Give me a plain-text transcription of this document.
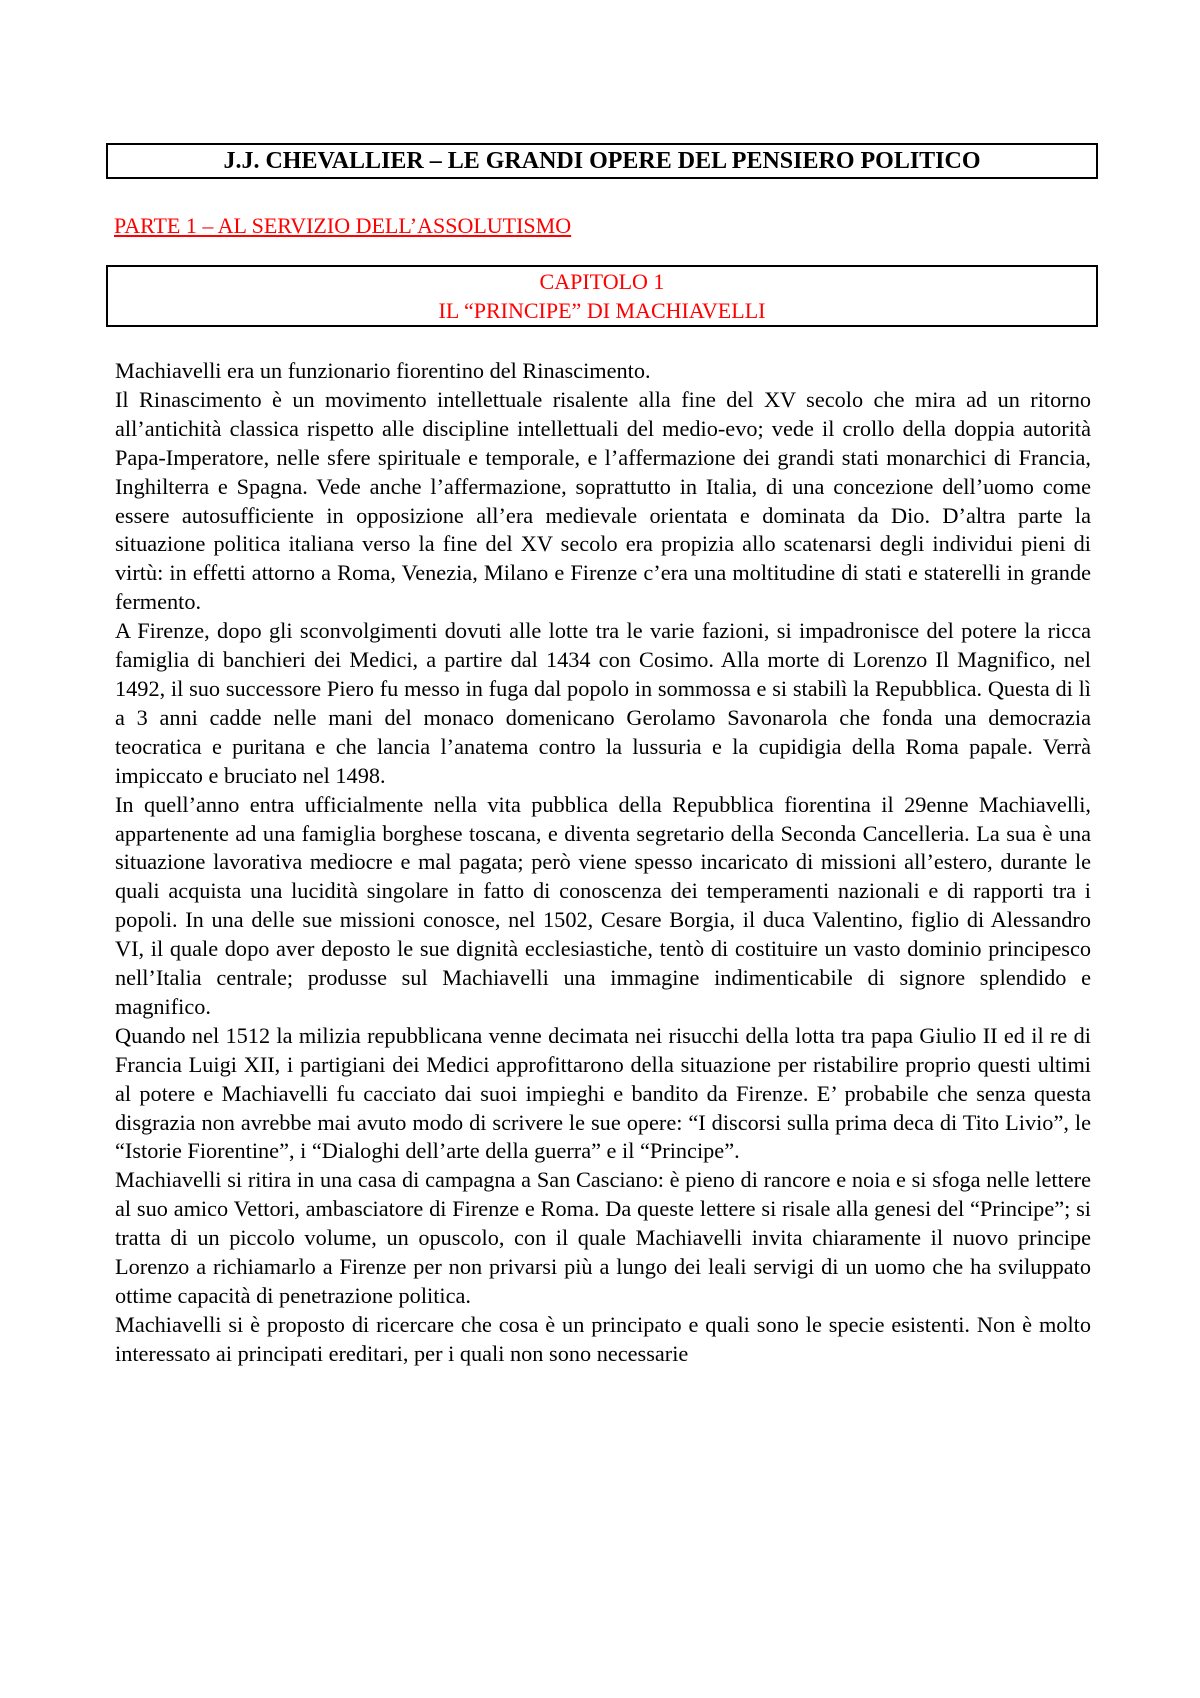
J.J. CHEVALLIER – LE GRANDI OPERE DEL PENSIERO POLITICO
PARTE 1 – AL SERVIZIO DELL’ASSOLUTISMO
CAPITOLO 1
IL “PRINCIPE” DI MACHIAVELLI

Machiavelli era un funzionario fiorentino del Rinascimento.

Il Rinascimento è un movimento intellettuale risalente alla fine del XV secolo che mira ad un ritorno all’antichità classica rispetto alle discipline intellettuali del medio-evo; vede il crollo della doppia autorità Papa-Imperatore, nelle sfere spirituale e temporale, e l’affermazione dei grandi stati monarchici di Francia, Inghilterra e Spagna. Vede anche l’affermazione, soprattutto in Italia, di una concezione dell’uomo come essere autosufficiente in opposizione all’era medievale orientata e dominata da Dio. D’altra parte la situazione politica italiana verso la fine del XV secolo era propizia allo scatenarsi degli individui pieni di virtù: in effetti attorno a Roma, Venezia, Milano e Firenze c’era una moltitudine di stati e staterelli in grande fermento.

A Firenze, dopo gli sconvolgimenti dovuti alle lotte tra le varie fazioni, si impadronisce del potere la ricca famiglia di banchieri dei Medici, a partire dal 1434 con Cosimo. Alla morte di Lorenzo Il Magnifico, nel 1492, il suo successore Piero fu messo in fuga dal popolo in sommossa e si stabilì la Repubblica. Questa di lì a 3 anni cadde nelle mani del monaco domenicano Gerolamo Savonarola che fonda una democrazia teocratica e puritana e che lancia l’anatema contro la lussuria e la cupidigia della Roma papale. Verrà impiccato e bruciato nel 1498.

In quell’anno entra ufficialmente nella vita pubblica della Repubblica fiorentina il 29enne Machiavelli, appartenente ad una famiglia borghese toscana, e diventa segretario della Seconda Cancelleria. La sua è una situazione lavorativa mediocre e mal pagata; però viene spesso incaricato di missioni all’estero, durante le quali acquista una lucidità singolare in fatto di conoscenza dei temperamenti nazionali e di rapporti tra i popoli. In una delle sue missioni conosce, nel 1502, Cesare Borgia, il duca Valentino, figlio di Alessandro VI, il quale dopo aver deposto le sue dignità ecclesiastiche, tentò di costituire un vasto dominio principesco nell’Italia centrale; produsse sul Machiavelli una immagine indimenticabile di signore splendido e magnifico.

Quando nel 1512 la milizia repubblicana venne decimata nei risucchi della lotta tra papa Giulio II ed il re di Francia Luigi XII, i partigiani dei Medici approfittarono della situazione per ristabilire proprio questi ultimi al potere e Machiavelli fu cacciato dai suoi impieghi e bandito da Firenze. E’ probabile che senza questa disgrazia non avrebbe mai avuto modo di scrivere le sue opere: “I discorsi sulla prima deca di Tito Livio”, le “Istorie Fiorentine”, i “Dialoghi dell’arte della guerra” e il “Principe”.

Machiavelli si ritira in una casa di campagna a San Casciano: è pieno di rancore e noia e si sfoga nelle lettere al suo amico Vettori, ambasciatore di Firenze e Roma. Da queste lettere si risale alla genesi del “Principe”; si tratta di un piccolo volume, un opuscolo, con il quale Machiavelli invita chiaramente il nuovo principe Lorenzo a richiamarlo a Firenze per non privarsi più a lungo dei leali servigi di un uomo che ha sviluppato ottime capacità di penetrazione politica.

Machiavelli si è proposto di ricercare che cosa è un principato e quali sono le specie esistenti. Non è molto interessato ai principati ereditari, per i quali non sono necessarie
